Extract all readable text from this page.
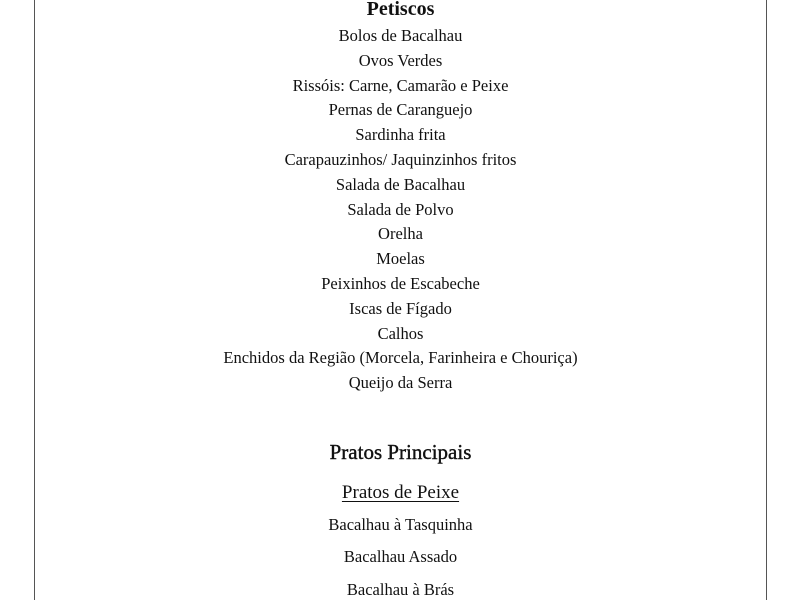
Petiscos
Bolos de Bacalhau
Ovos Verdes
Rissóis: Carne, Camarão e Peixe
Pernas de Caranguejo
Sardinha frita
Carapauzinhos/ Jaquinzinhos fritos
Salada de Bacalhau
Salada de Polvo
Orelha
Moelas
Peixinhos de Escabeche
Iscas de Fígado
Calhos
Enchidos da Região (Morcela, Farinheira e Chouriça)
Queijo da Serra
Pratos Principais
Pratos de Peixe
Bacalhau à Tasquinha
Bacalhau Assado
Bacalhau à Brás
